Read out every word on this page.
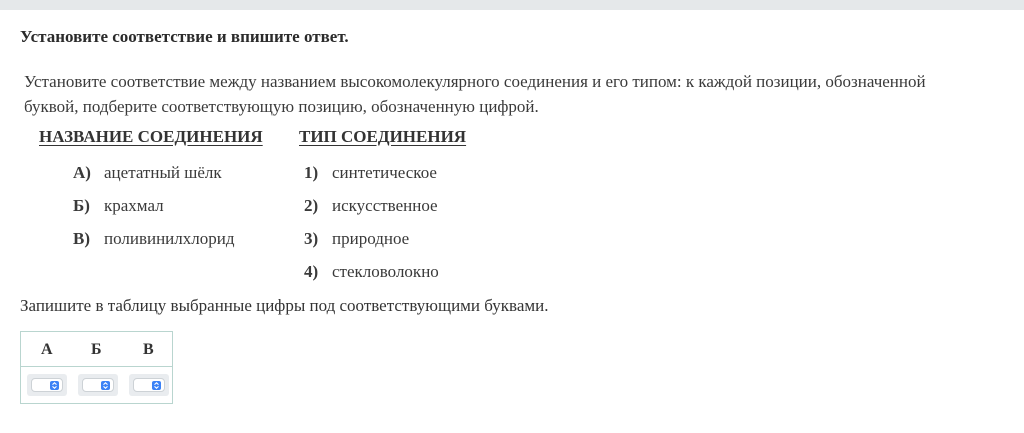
Установите соответствие и впишите ответ.
Установите соответствие между названием высокомолекулярного соединения и его типом: к каждой позиции, обозначенной
буквой, подберите соответствующую позицию, обозначенную цифрой.
НАЗВАНИЕ СОЕДИНЕНИЯ ТИП СОЕДИНЕНИЯ
А) ацетатный шёлк
Б) крахмал
В) поливинилхлорид
1) синтетическое
2) искусственное
3) природное
4) стекловолокно
Запишите в таблицу выбранные цифры под соответствующими буквами.
А Б	В
